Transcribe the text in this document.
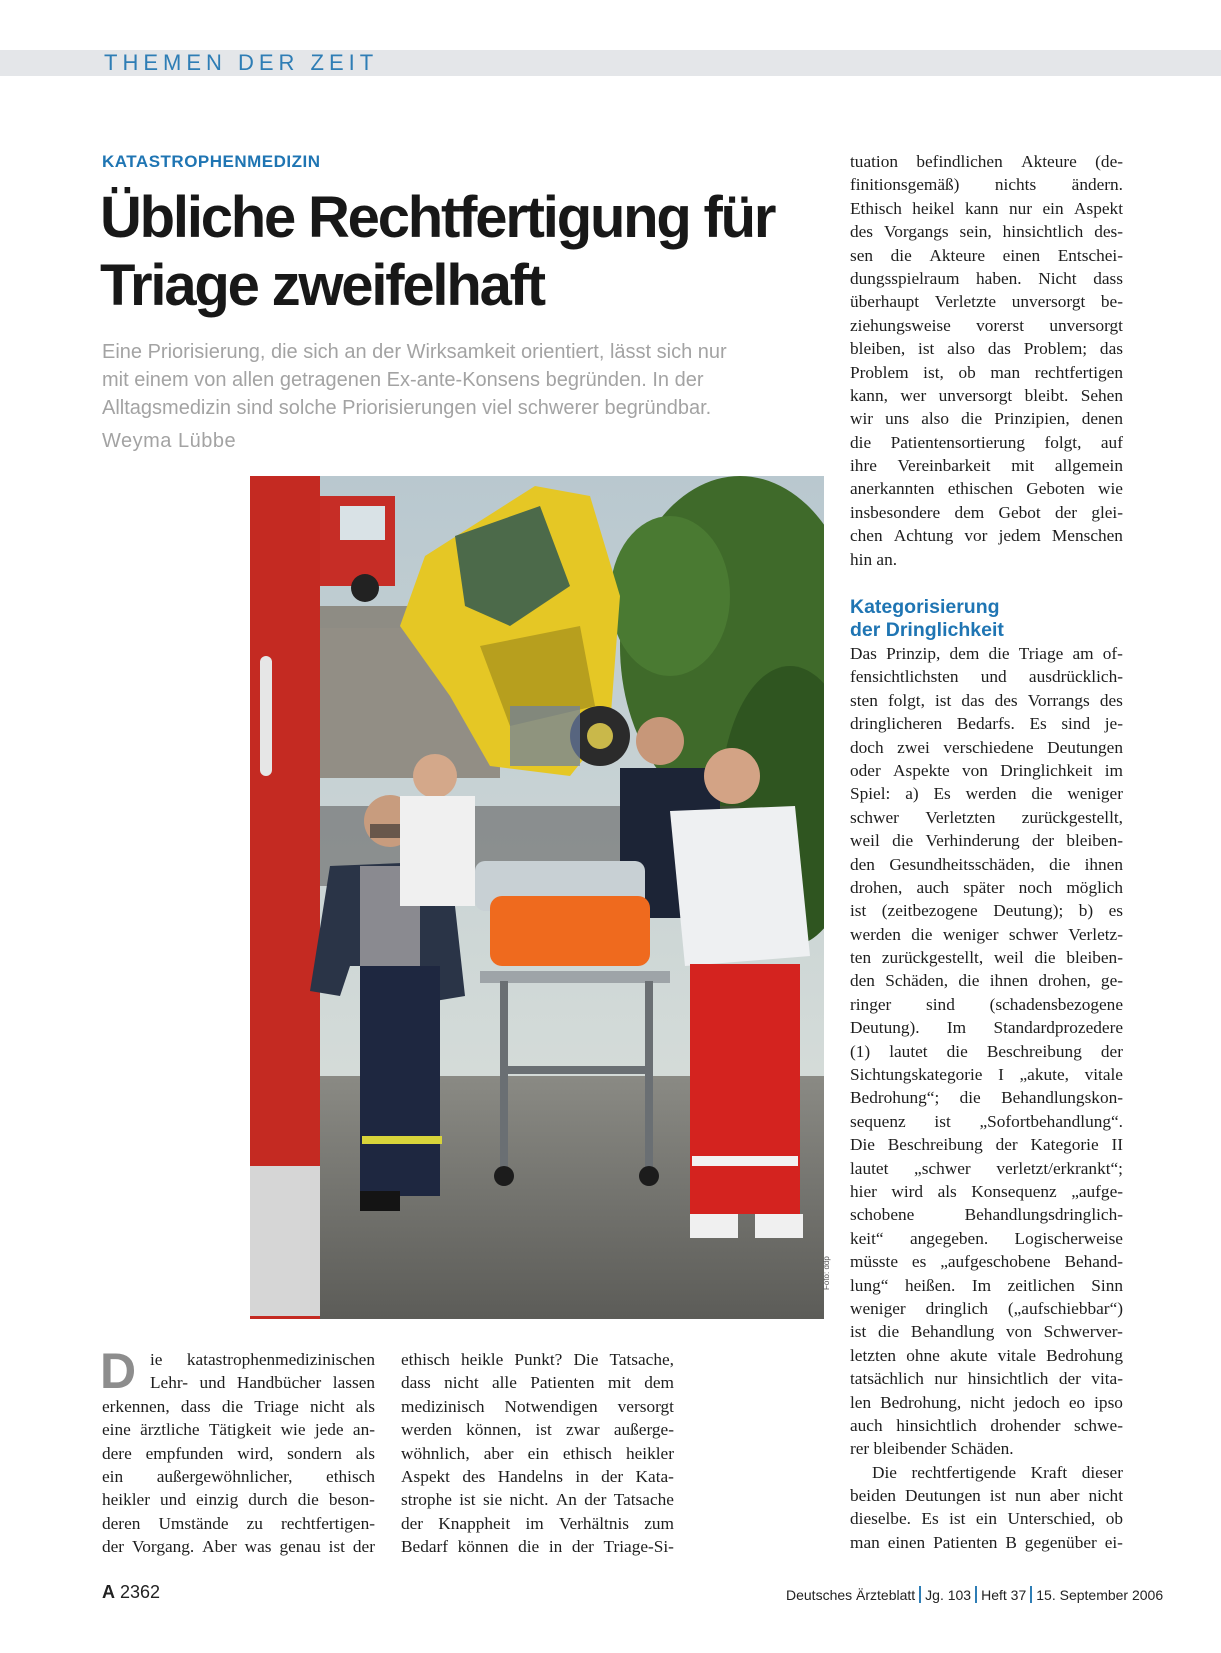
THEMEN DER ZEIT
KATASTROPHENMEDIZIN
Übliche Rechtfertigung für
Triage zweifelhaft
Eine Priorisierung, die sich an der Wirksamkeit orientiert, lässt sich nur
mit einem von allen getragenen Ex-ante-Konsens begründen. In der
Alltagsmedizin sind solche Priorisierungen viel schwerer begründbar.
Weyma Lübbe
Foto: ddp
D ie katastrophenmedizinischen
Lehr- und Handbücher lassen
erkennen, dass die Triage nicht als
eine ärztliche Tätigkeit wie jede an-
dere empfunden wird, sondern als
ein außergewöhnlicher, ethisch
heikler und einzig durch die beson-
deren Umstände zu rechtfertigen-
der Vorgang. Aber was genau ist der
ethisch heikle Punkt? Die Tatsache,
dass nicht alle Patienten mit dem
medizinisch Notwendigen versorgt
werden können, ist zwar außerge-
wöhnlich, aber ein ethisch heikler
Aspekt des Handelns in der Kata-
strophe ist sie nicht. An der Tatsache
der Knappheit im Verhältnis zum
Bedarf können die in der Triage-Si-
tuation befindlichen Akteure (de-
finitionsgemäß) nichts ändern.
Ethisch heikel kann nur ein Aspekt
des Vorgangs sein, hinsichtlich des-
sen die Akteure einen Entschei-
dungsspielraum haben. Nicht dass
überhaupt Verletzte unversorgt be-
ziehungsweise vorerst unversorgt
bleiben, ist also das Problem; das
Problem ist, ob man rechtfertigen
kann, wer unversorgt bleibt. Sehen
wir uns also die Prinzipien, denen
die Patientensortierung folgt, auf
ihre Vereinbarkeit mit allgemein
anerkannten ethischen Geboten wie
insbesondere dem Gebot der glei-
chen Achtung vor jedem Menschen
hin an.
Kategorisierung
der Dringlichkeit
Das Prinzip, dem die Triage am of-
fensichtlichsten und ausdrücklich-
sten folgt, ist das des Vorrangs des
dringlicheren Bedarfs. Es sind je-
doch zwei verschiedene Deutungen
oder Aspekte von Dringlichkeit im
Spiel: a) Es werden die weniger
schwer Verletzten zurückgestellt,
weil die Verhinderung der bleiben-
den Gesundheitsschäden, die ihnen
drohen, auch später noch möglich
ist (zeitbezogene Deutung); b) es
werden die weniger schwer Verletz-
ten zurückgestellt, weil die bleiben-
den Schäden, die ihnen drohen, ge-
ringer sind (schadensbezogene
Deutung). Im Standardprozedere
(1) lautet die Beschreibung der
Sichtungskategorie I „akute, vitale
Bedrohung“; die Behandlungskon-
sequenz ist „Sofortbehandlung“.
Die Beschreibung der Kategorie II
lautet „schwer verletzt/erkrankt“;
hier wird als Konsequenz „aufge-
schobene	Behandlungsdringlich-
keit“ angegeben. Logischerweise
müsste es „aufgeschobene Behand-
lung“ heißen. Im zeitlichen Sinn
weniger dringlich („aufschiebbar“)
ist die Behandlung von Schwerver-
letzten ohne akute vitale Bedrohung
tatsächlich nur hinsichtlich der vita-
len Bedrohung, nicht jedoch eo ipso
auch hinsichtlich drohender schwe-
rer bleibender Schäden.
Die rechtfertigende Kraft dieser
beiden Deutungen ist nun aber nicht
dieselbe. Es ist ein Unterschied, ob
man einen Patienten B gegenüber ei-
A 2362	Deutsches Ärzteblatt Jg. 103 Heft 37 15. September 2006
